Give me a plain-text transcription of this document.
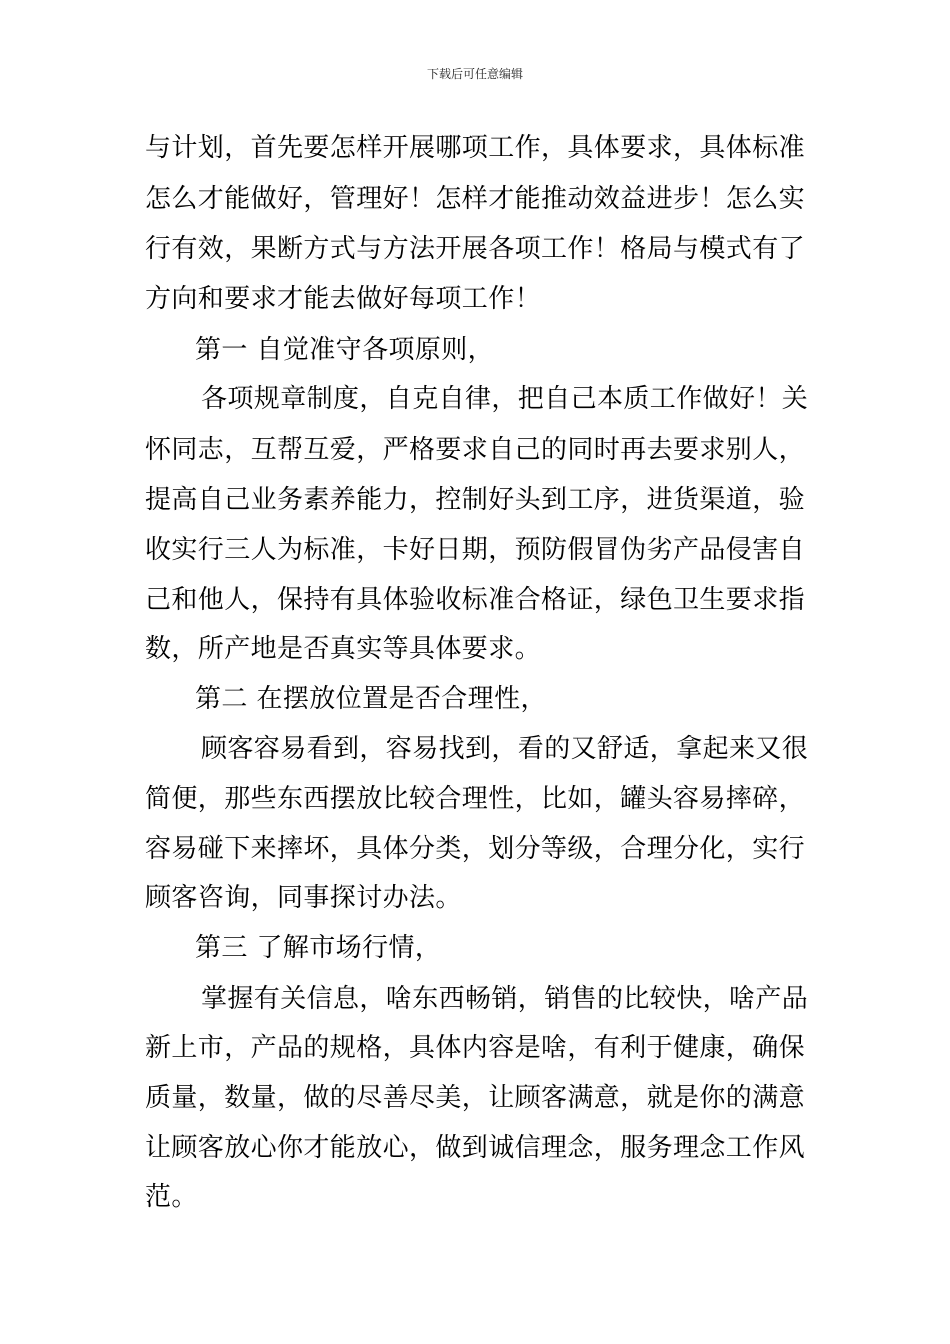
下载后可任意编辑
与计划，首先要怎样开展哪项工作，具体要求，具体标准
怎么才能做好，管理好！怎样才能推动效益进步！怎么实
行有效，果断方式与方法开展各项工作！格局与模式有了
方向和要求才能去做好每项工作！
第一 自觉准守各项原则，
各项规章制度，自克自律，把自己本质工作做好！关
怀同志，互帮互爱，严格要求自己的同时再去要求别人，
提高自己业务素养能力，控制好头到工序，进货渠道，验
收实行三人为标准，卡好日期，预防假冒伪劣产品侵害自
己和他人，保持有具体验收标准合格证，绿色卫生要求指
数，所产地是否真实等具体要求。
第二 在摆放位置是否合理性，
顾客容易看到，容易找到，看的又舒适，拿起来又很
简便，那些东西摆放比较合理性，比如，罐头容易摔碎，
容易碰下来摔坏，具体分类，划分等级，合理分化，实行
顾客咨询，同事探讨办法。
第三 了解市场行情，
掌握有关信息，啥东西畅销，销售的比较快，啥产品
新上市，产品的规格，具体内容是啥，有利于健康，确保
质量，数量，做的尽善尽美，让顾客满意，就是你的满意
让顾客放心你才能放心，做到诚信理念，服务理念工作风
范。
